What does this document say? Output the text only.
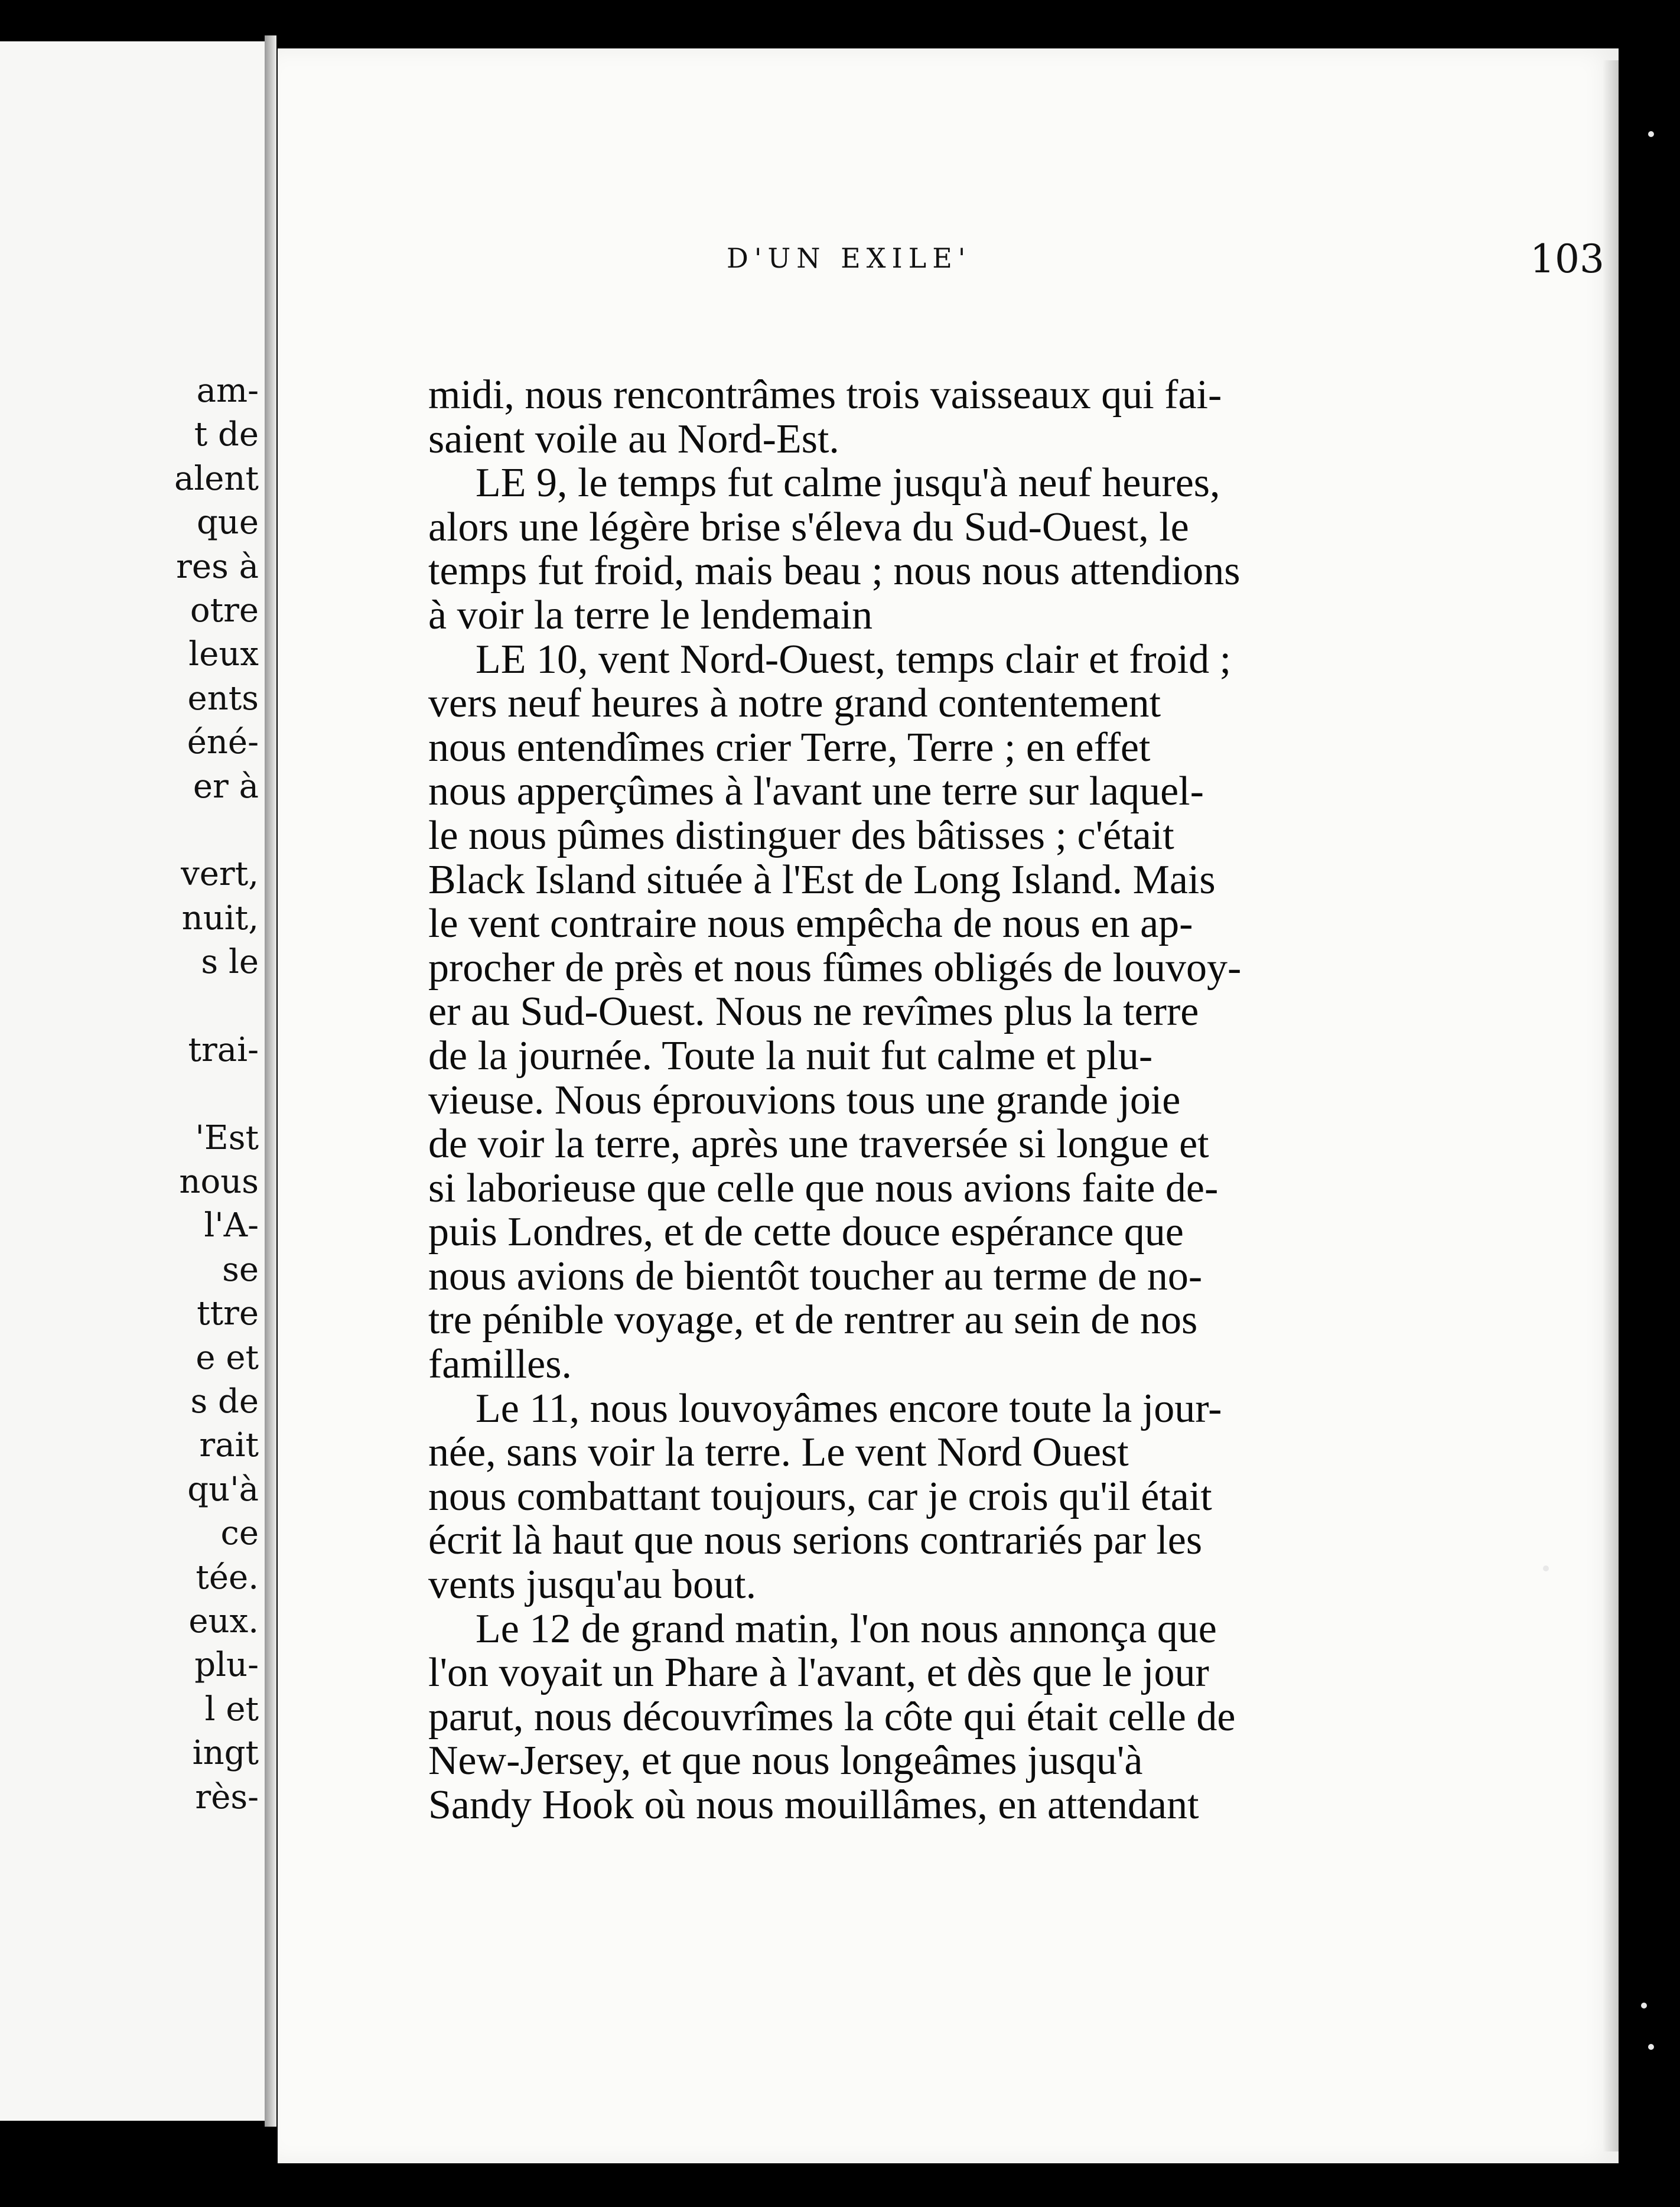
am-
t de
alent
que
res à
otre
leux
ents
éné-
er à
vert,
nuit,
s le
trai-
'Est
nous
l'A-
se
ttre
e et
s de
rait
qu'à
ce
tée.
eux.
plu-
l et
ingt
rès-
D'UN EXILE'	103
midi, nous rencontrâmes trois vaisseaux qui fai-
saient voile au Nord-Est.
LE 9, le temps fut calme jusqu'à neuf heures,
alors une légère brise s'éleva du Sud-Ouest, le
temps fut froid, mais beau ; nous nous attendions
à voir la terre le lendemain
LE 10, vent Nord-Ouest, temps clair et froid ;
vers neuf heures à notre grand contentement
nous entendîmes crier Terre, Terre ; en effet
nous apperçûmes à l'avant une terre sur laquel-
le nous pûmes distinguer des bâtisses ; c'était
Black Island située à l'Est de Long Island. Mais
le vent contraire nous empêcha de nous en ap-
procher de près et nous fûmes obligés de louvoy-
er au Sud-Ouest. Nous ne revîmes plus la terre
de la journée. Toute la nuit fut calme et plu-
vieuse. Nous éprouvions tous une grande joie
de voir la terre, après une traversée si longue et
si laborieuse que celle que nous avions faite de-
puis Londres, et de cette douce espérance que
nous avions de bientôt toucher au terme de no-
tre pénible voyage, et de rentrer au sein de nos
familles.
Le 11, nous louvoyâmes encore toute la jour-
née, sans voir la terre. Le vent Nord Ouest
nous combattant toujours, car je crois qu'il était
écrit là haut que nous serions contrariés par les
vents jusqu'au bout.
Le 12 de grand matin, l'on nous annonça que
l'on voyait un Phare à l'avant, et dès que le jour
parut, nous découvrîmes la côte qui était celle de
New-Jersey, et que nous longeâmes jusqu'à
Sandy Hook où nous mouillâmes, en attendant
